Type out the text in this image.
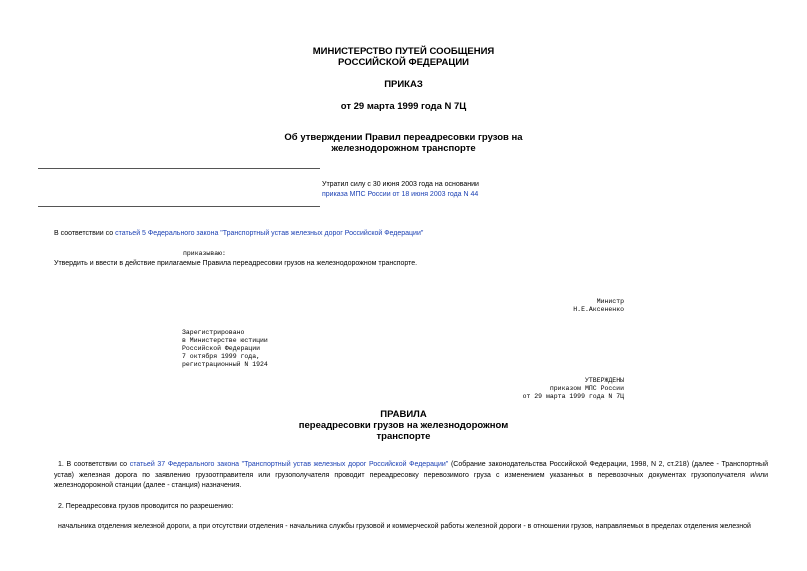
МИНИСТЕРСТВО ПУТЕЙ СООБЩЕНИЯ
РОССИЙСКОЙ ФЕДЕРАЦИИ
ПРИКАЗ
от 29 марта 1999 года N 7Ц
Об утверждении Правил переадресовки грузов на
железнодорожном транспорте
Утратил силу с 30 июня 2003 года на основании
приказа МПС России от 18 июня 2003 года N 44
В соответствии со статьей 5 Федерального закона "Транспортный устав железных дорог Российской Федерации"
приказываю:
Утвердить и ввести в действие прилагаемые Правила переадресовки грузов на железнодорожном транспорте.
Министр
Н.Е.Аксененко
Зарегистрировано
в Министерстве юстиции
Российской Федерации
7 октября 1999 года,
регистрационный N 1924
УТВЕРЖДЕНЫ
приказом МПС России
от 29 марта 1999 года N 7Ц
ПРАВИЛА
переадресовки грузов на железнодорожном
транспорте
1. В соответствии со статьей 37 Федерального закона "Транспортный устав железных дорог Российской Федерации" (Собрание законодательства Российской Федерации, 1998, N 2, ст.218) (далее - Транспортный устав) железная дорога по заявлению грузоотправителя или грузополучателя проводит переадресовку перевозимого груза с изменением указанных в перевозочных документах грузополучателя и/или железнодорожной станции (далее - станция) назначения.
2. Переадресовка грузов проводится по разрешению:
начальника отделения железной дороги, а при отсутствии отделения - начальника службы грузовой и коммерческой работы железной дороги - в отношении грузов, направляемых в пределах отделения железной
